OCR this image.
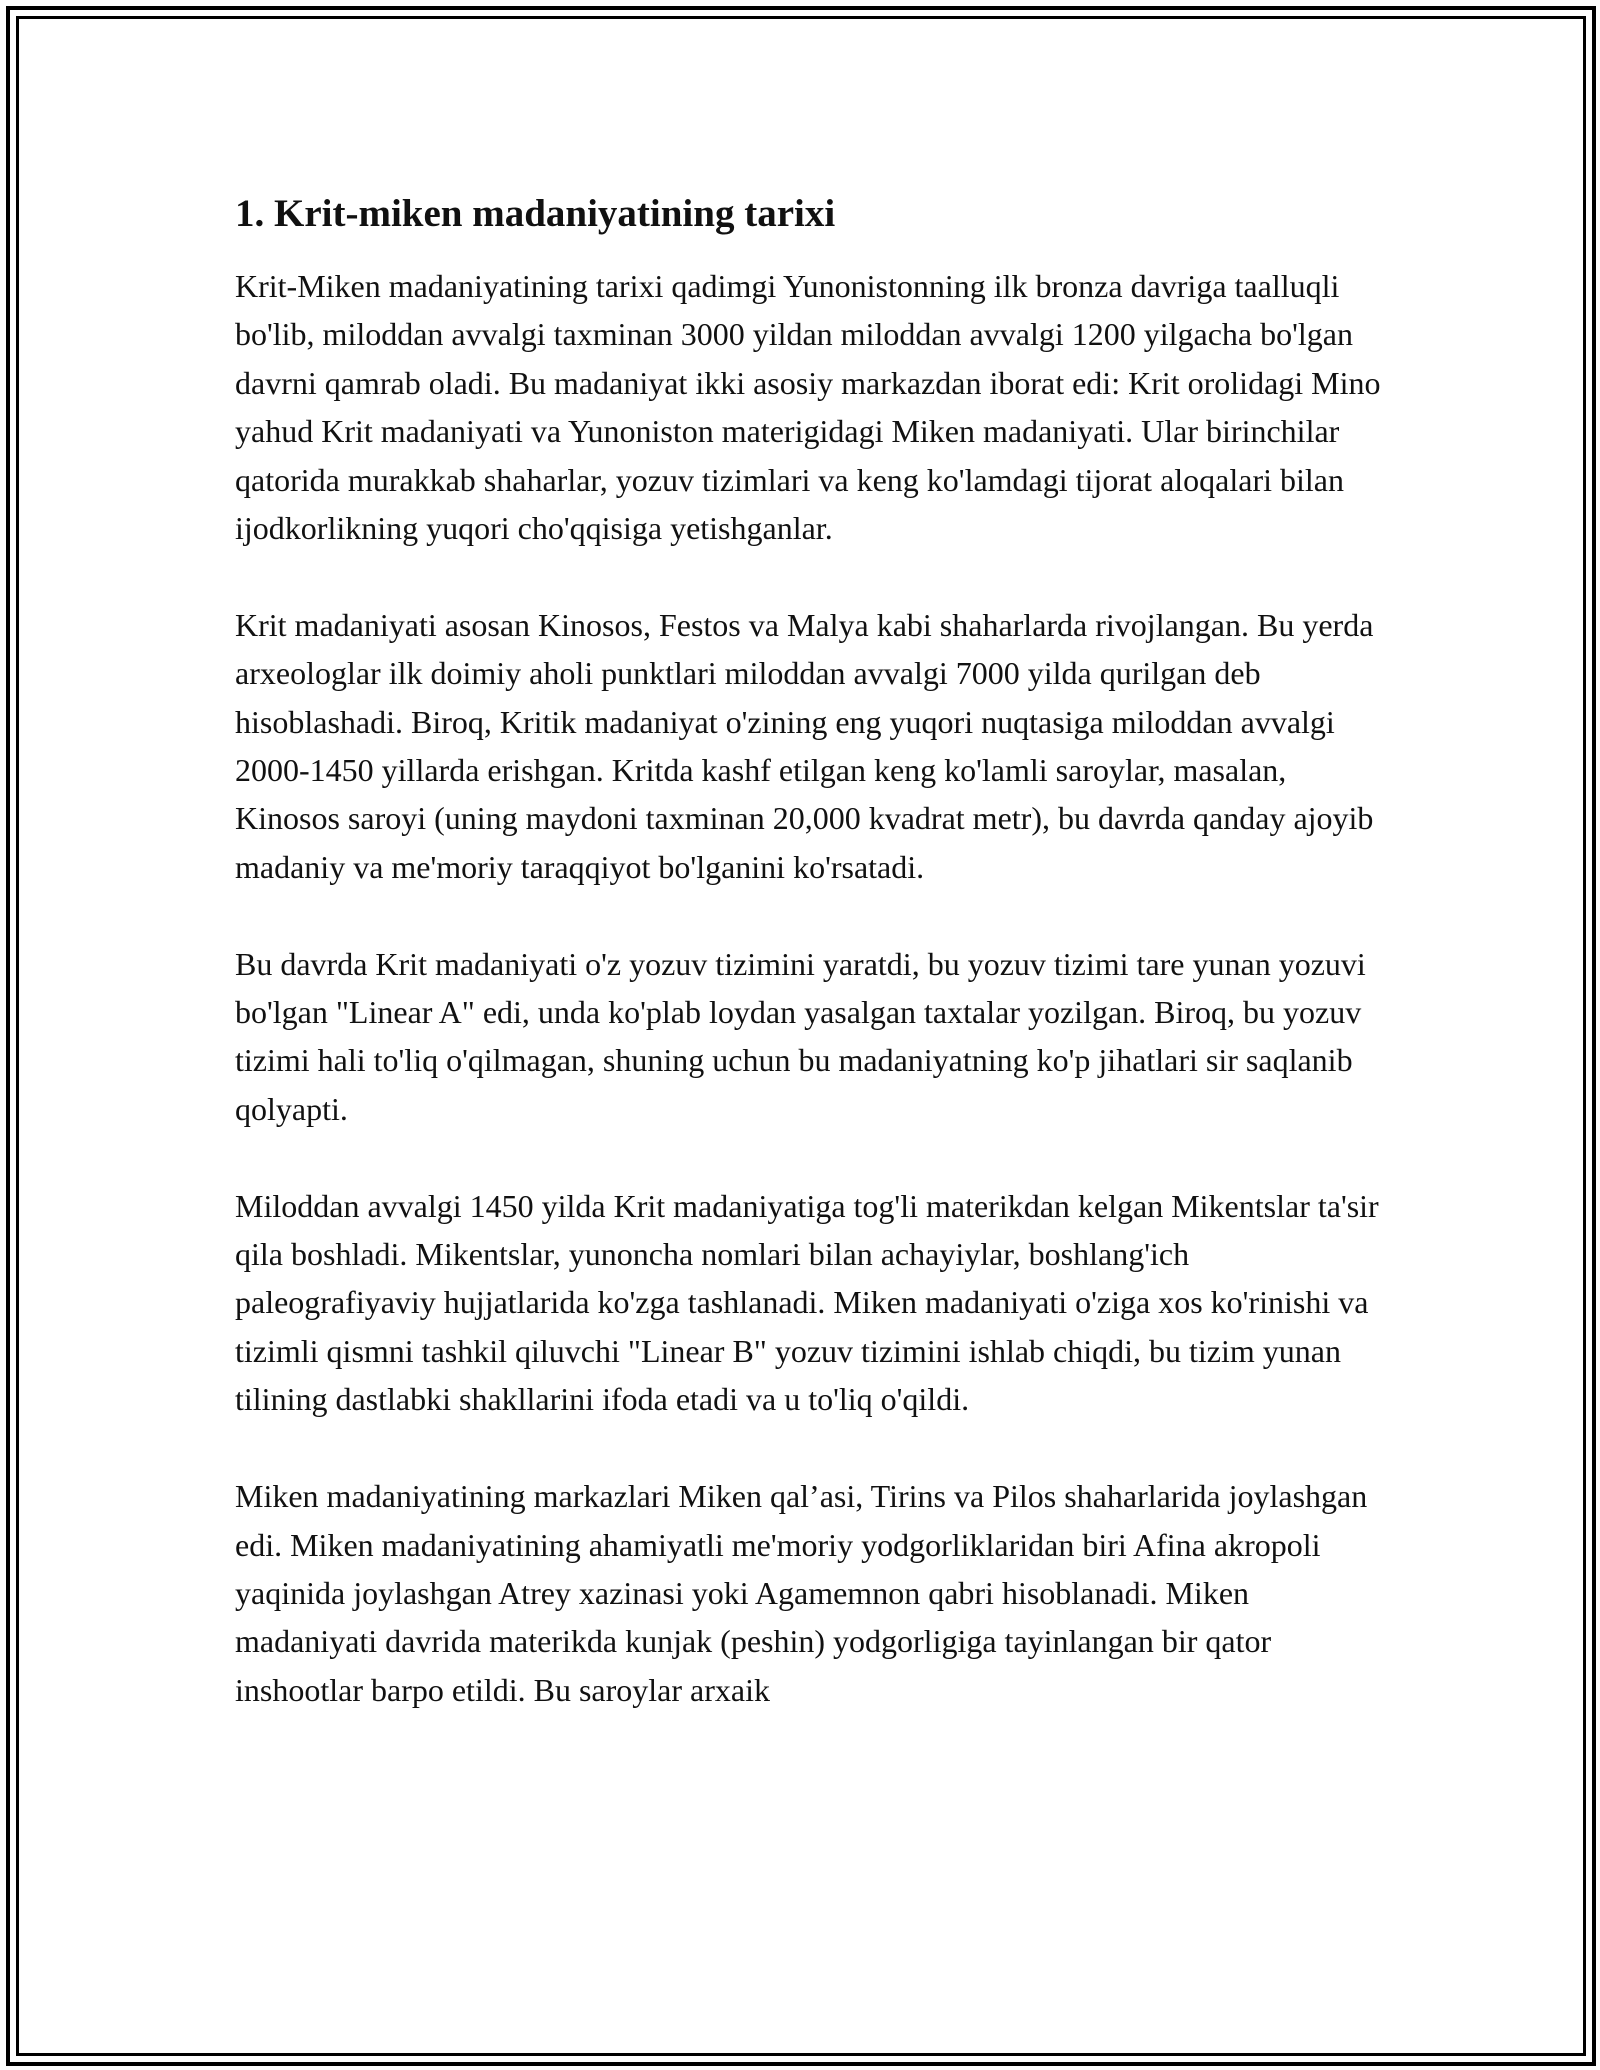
1. Krit-miken madaniyatining tarixi

Krit-Miken madaniyatining tarixi qadimgi Yunonistonning ilk bronza davriga taalluqli bo'lib, miloddan avvalgi taxminan 3000 yildan miloddan avvalgi 1200 yilgacha bo'lgan davrni qamrab oladi. Bu madaniyat ikki asosiy markazdan iborat edi: Krit orolidagi Mino yahud Krit madaniyati va Yunoniston materigidagi Miken madaniyati. Ular birinchilar qatorida murakkab shaharlar, yozuv tizimlari va keng ko'lamdagi tijorat aloqalari bilan ijodkorlikning yuqori cho'qqisiga yetishganlar.

Krit madaniyati asosan Kinosos, Festos va Malya kabi shaharlarda rivojlangan. Bu yerda arxeologlar ilk doimiy aholi punktlari miloddan avvalgi 7000 yilda qurilgan deb hisoblashadi. Biroq, Kritik madaniyat o'zining eng yuqori nuqtasiga miloddan avvalgi 2000-1450 yillarda erishgan. Kritda kashf etilgan keng ko'lamli saroylar, masalan, Kinosos saroyi (uning maydoni taxminan 20,000 kvadrat metr), bu davrda qanday ajoyib madaniy va me'moriy taraqqiyot bo'lganini ko'rsatadi.

Bu davrda Krit madaniyati o'z yozuv tizimini yaratdi, bu yozuv tizimi tare yunan yozuvi bo'lgan "Linear A" edi, unda ko'plab loydan yasalgan taxtalar yozilgan. Biroq, bu yozuv tizimi hali to'liq o'qilmagan, shuning uchun bu madaniyatning ko'p jihatlari sir saqlanib qolyapti.

Miloddan avvalgi 1450 yilda Krit madaniyatiga tog'li materikdan kelgan Mikentslar ta'sir qila boshladi. Mikentslar, yunoncha nomlari bilan achayiylar, boshlang'ich paleografiyaviy hujjatlarida ko'zga tashlanadi. Miken madaniyati o'ziga xos ko'rinishi va tizimli qismni tashkil qiluvchi "Linear B" yozuv tizimini ishlab chiqdi, bu tizim yunan tilining dastlabki shakllarini ifoda etadi va u to'liq o'qildi.

Miken madaniyatining markazlari Miken qal’asi, Tirins va Pilos shaharlarida joylashgan edi. Miken madaniyatining ahamiyatli me'moriy yodgorliklaridan biri Afina akropoli yaqinida joylashgan Atrey xazinasi yoki Agamemnon qabri hisoblanadi. Miken madaniyati davrida materikda kunjak (peshin) yodgorligiga tayinlangan bir qator inshootlar barpo etildi. Bu saroylar arxaik
